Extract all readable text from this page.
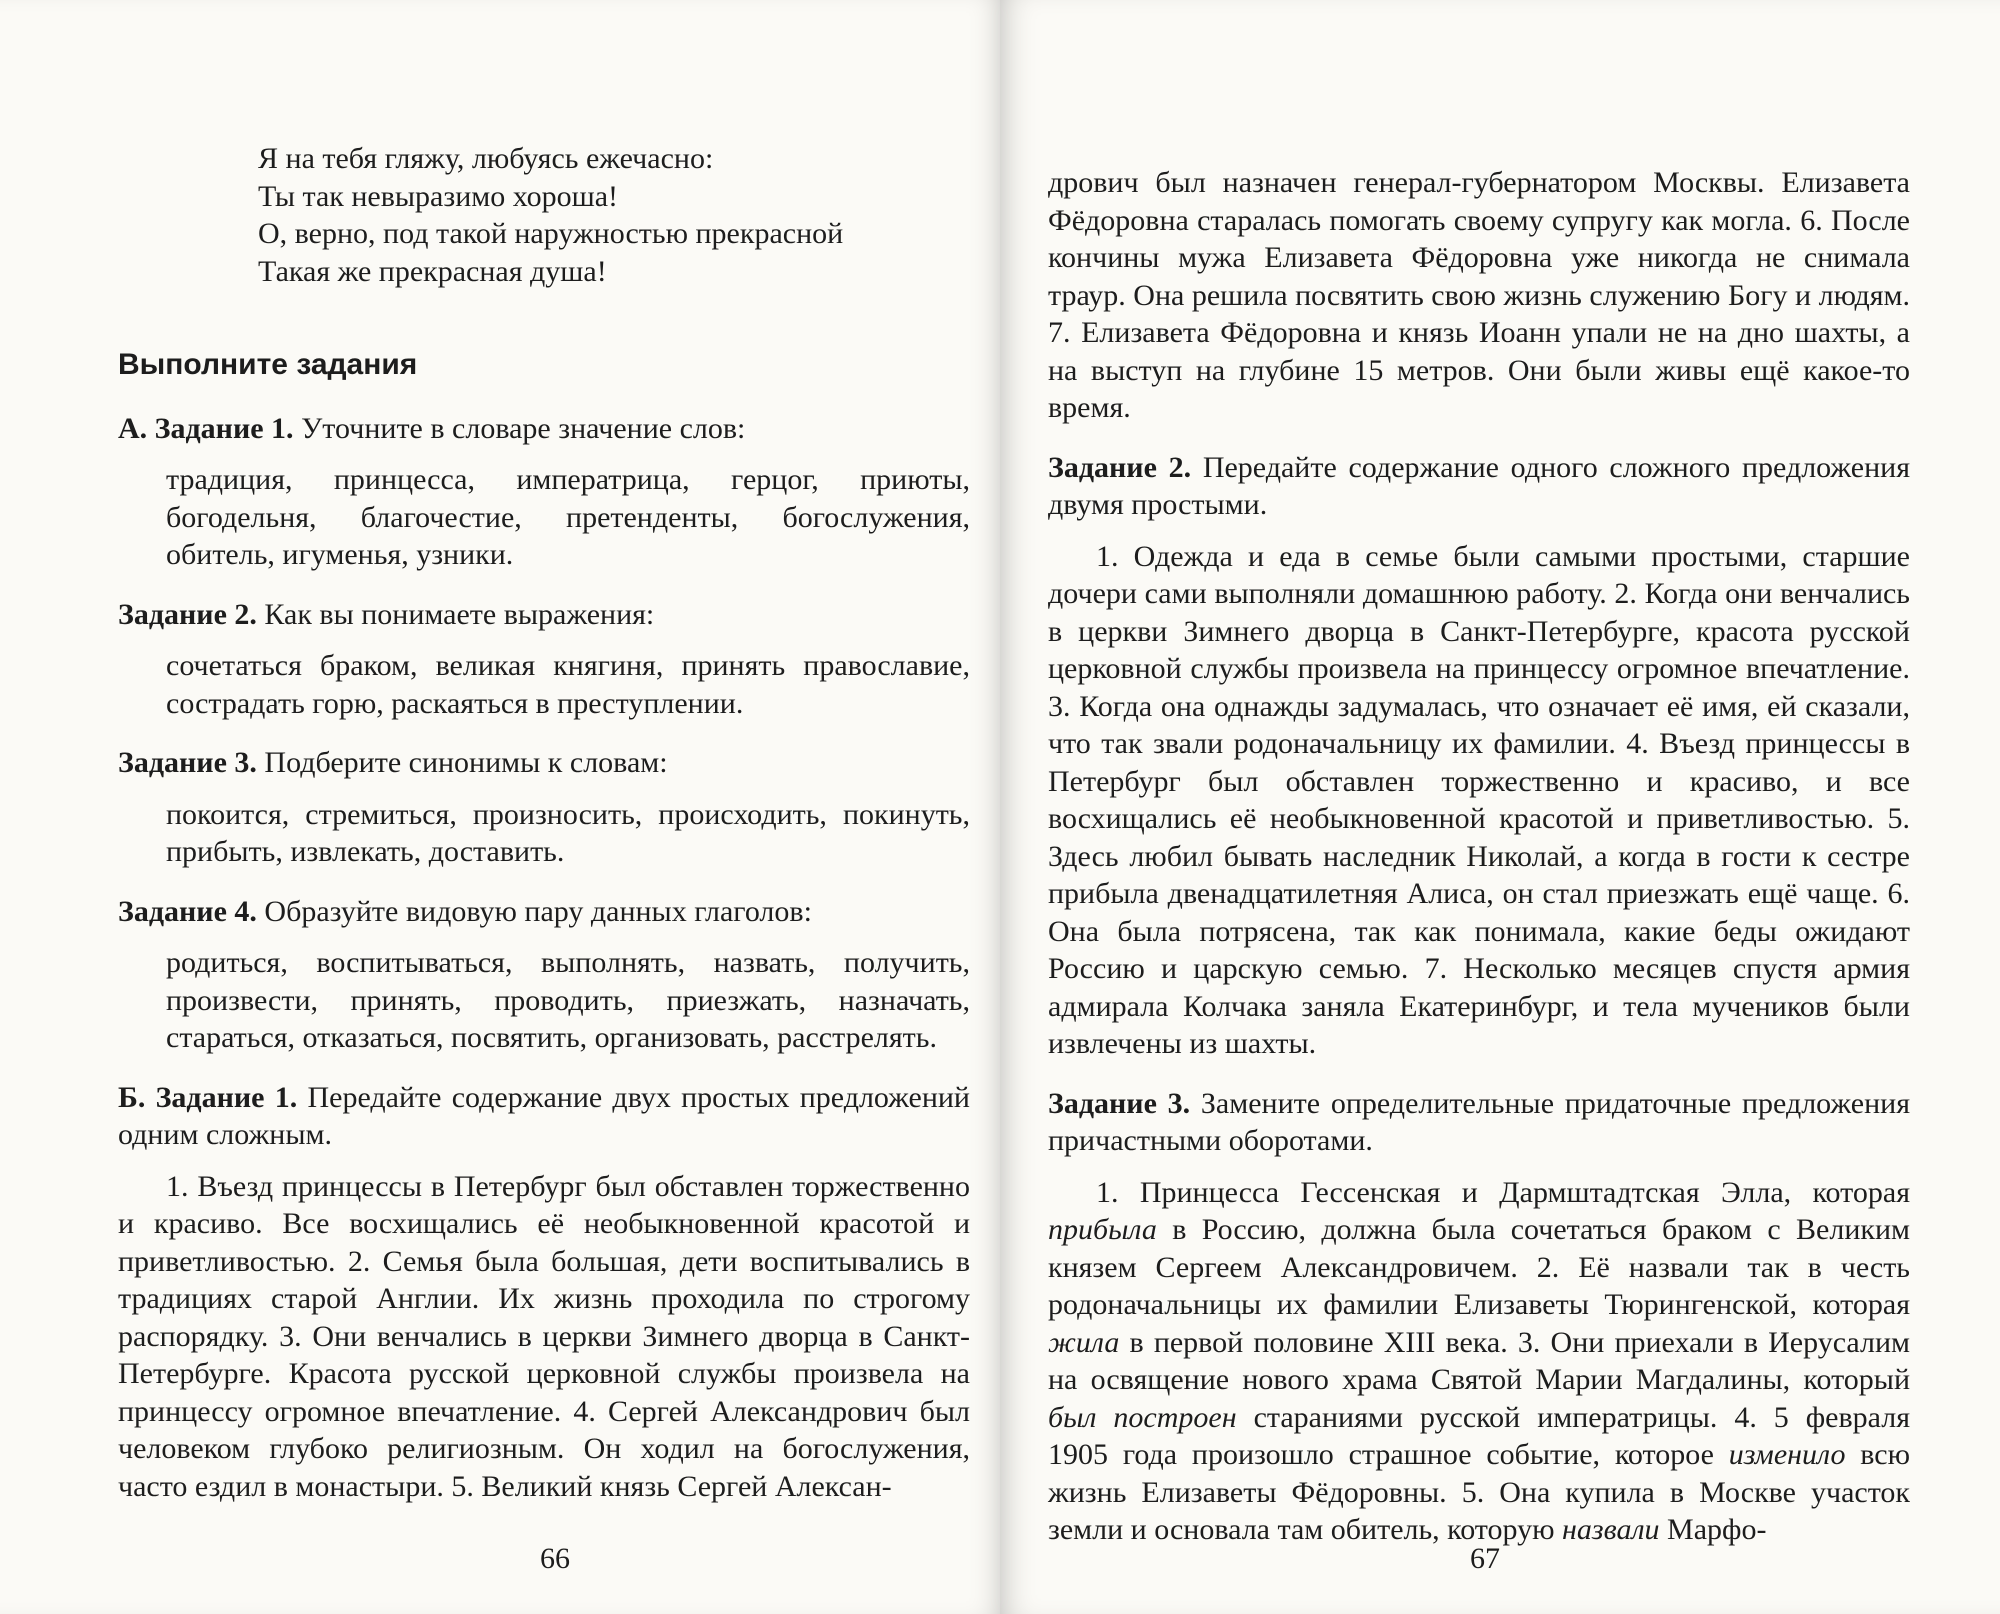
Я на тебя гляжу, любуясь ежечасно:
Ты так невыразимо хороша!
О, верно, под такой наружностью прекрасной
Такая же прекрасная душа!
Выполните задания

А. Задание 1. Уточните в словаре значение слов:

традиция, принцесса, императрица, герцог, приюты, богодельня, благочестие, претенденты, богослужения, обитель, игуменья, узники.

Задание 2. Как вы понимаете выражения:

сочетаться браком, великая княгиня, принять православие, сострадать горю, раскаяться в преступлении.

Задание 3. Подберите синонимы к словам:

покоится, стремиться, произносить, происходить, покинуть, прибыть, извлекать, доставить.

Задание 4. Образуйте видовую пару данных глаголов:

родиться, воспитываться, выполнять, назвать, получить, произвести, принять, проводить, приезжать, назначать, стараться, отказаться, посвятить, организовать, расстрелять.

Б. Задание 1. Передайте содержание двух простых предложений одним сложным.

1. Въезд принцессы в Петербург был обставлен торжественно и красиво. Все восхищались её необыкновенной красотой и приветливостью. 2. Семья была большая, дети воспитывались в традициях старой Англии. Их жизнь проходила по строгому распорядку. 3. Они венчались в церкви Зимнего дворца в Санкт-Петербурге. Красота русской церковной службы произвела на принцессу огромное впечатление. 4. Сергей Александрович был человеком глубоко религиозным. Он ходил на богослужения, часто ездил в монастыри. 5. Великий князь Сергей Алексан-

66

дрович был назначен генерал-губернатором Москвы. Елизавета Фёдоровна старалась помогать своему супругу как могла. 6. После кончины мужа Елизавета Фёдоровна уже никогда не снимала траур. Она решила посвятить свою жизнь служению Богу и людям. 7. Елизавета Фёдоровна и князь Иоанн упали не на дно шахты, а на выступ на глубине 15 метров. Они были живы ещё какое-то время.

Задание 2. Передайте содержание одного сложного предложения двумя простыми.

1. Одежда и еда в семье были самыми простыми, старшие дочери сами выполняли домашнюю работу. 2. Когда они венчались в церкви Зимнего дворца в Санкт-Петербурге, красота русской церковной службы произвела на принцессу огромное впечатление. 3. Когда она однажды задумалась, что означает её имя, ей сказали, что так звали родоначальницу их фамилии. 4. Въезд принцессы в Петербург был обставлен торжественно и красиво, и все восхищались её необыкновенной красотой и приветливостью. 5. Здесь любил бывать наследник Николай, а когда в гости к сестре прибыла двенадцатилетняя Алиса, он стал приезжать ещё чаще. 6. Она была потрясена, так как понимала, какие беды ожидают Россию и царскую семью. 7. Несколько месяцев спустя армия адмирала Колчака заняла Екатеринбург, и тела мучеников были извлечены из шахты.

Задание 3. Замените определительные придаточные предложения причастными оборотами.

1. Принцесса Гессенская и Дармштадтская Элла, которая прибыла в Россию, должна была сочетаться браком с Великим князем Сергеем Александровичем. 2. Её назвали так в честь родоначальницы их фамилии Елизаветы Тюрингенской, которая жила в первой половине XIII века. 3. Они приехали в Иерусалим на освящение нового храма Святой Марии Магдалины, который был построен стараниями русской императрицы. 4. 5 февраля 1905 года произошло страшное событие, которое изменило всю жизнь Елизаветы Фёдоровны. 5. Она купила в Москве участок земли и основала там обитель, которую назвали Марфо-

67
